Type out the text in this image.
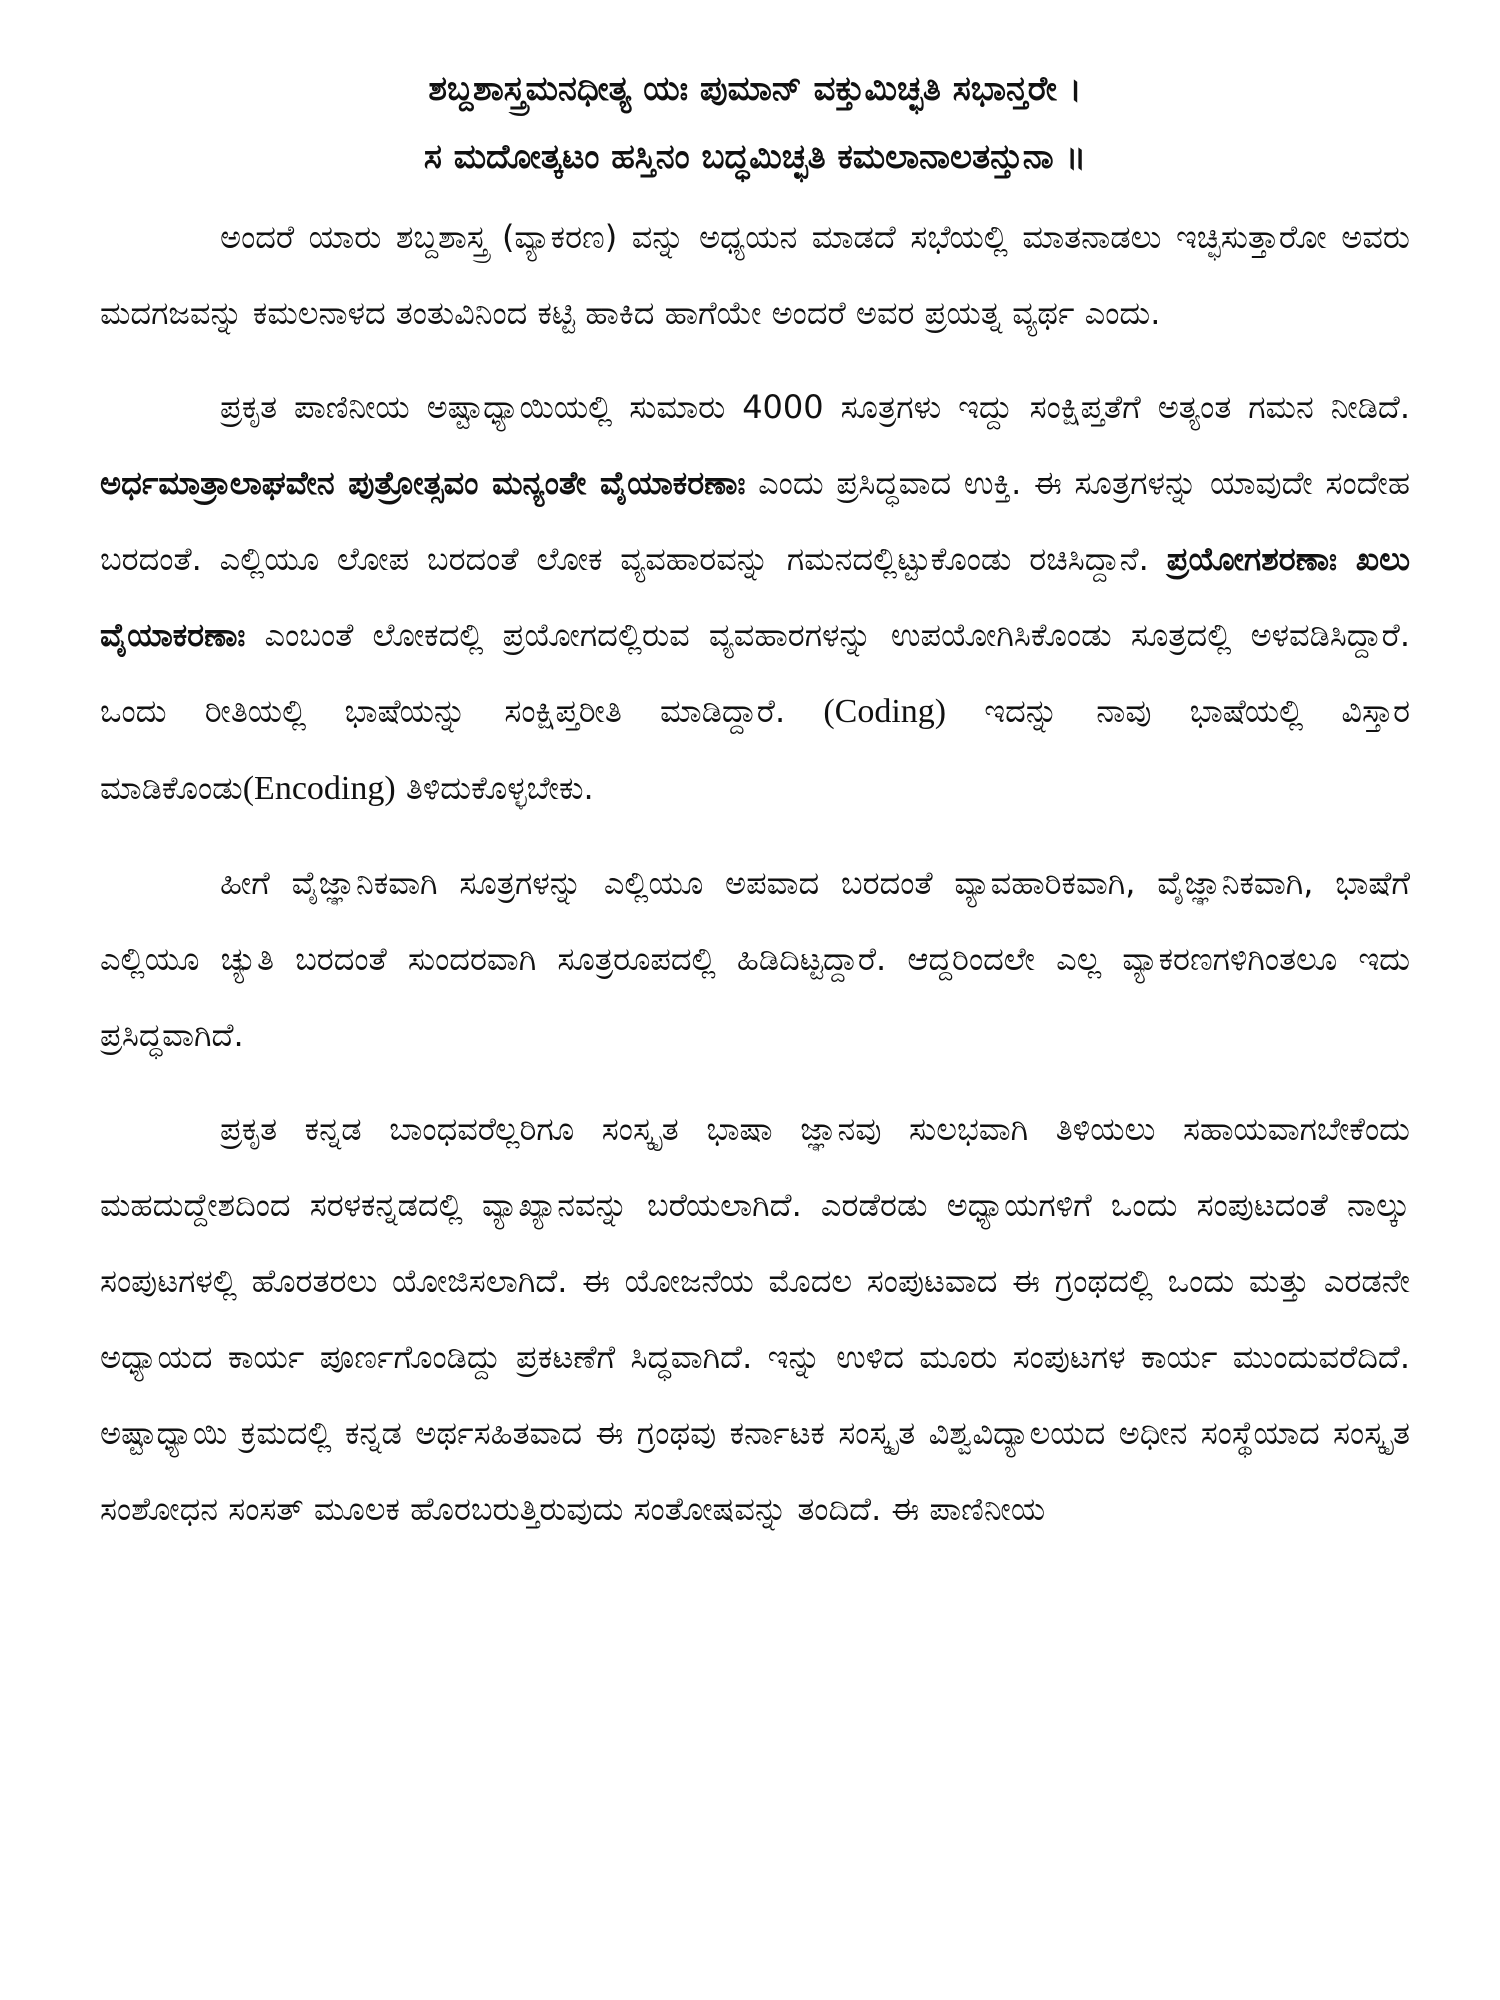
ಶಬ್ದಶಾಸ್ತ್ರಮನಧೀತ್ಯ ಯಃ ಪುಮಾನ್ ವಕ್ತುಮಿಚ್ಛತಿ ಸಭಾನ್ತರೇ ।
ಸ ಮದೋತ್ಕಟಂ ಹಸ್ತಿನಂ ಬದ್ಧಮಿಚ್ಛತಿ ಕಮಲಾನಾಲತನ್ತುನಾ ॥

ಅಂದರೆ ಯಾರು ಶಬ್ದಶಾಸ್ತ್ರ (ವ್ಯಾಕರಣ) ವನ್ನು ಅಧ್ಯಯನ ಮಾಡದೆ ಸಭೆಯಲ್ಲಿ ಮಾತನಾಡಲು ಇಚ್ಛಿಸುತ್ತಾರೋ ಅವರು ಮದಗಜವನ್ನು ಕಮಲನಾಳದ ತಂತುವಿನಿಂದ ಕಟ್ಟಿ ಹಾಕಿದ ಹಾಗೆಯೇ ಅಂದರೆ ಅವರ ಪ್ರಯತ್ನ ವ್ಯರ್ಥ ಎಂದು.

ಪ್ರಕೃತ ಪಾಣಿನೀಯ ಅಷ್ಟಾಧ್ಯಾಯಿಯಲ್ಲಿ ಸುಮಾರು 4000 ಸೂತ್ರಗಳು ಇದ್ದು ಸಂಕ್ಷಿಪ್ತತೆಗೆ ಅತ್ಯಂತ ಗಮನ ನೀಡಿದೆ. ಅರ್ಧಮಾತ್ರಾಲಾಘವೇನ ಪುತ್ರೋತ್ಸವಂ ಮನ್ಯಂತೇ ವೈಯಾಕರಣಾಃ ಎಂದು ಪ್ರಸಿದ್ಧವಾದ ಉಕ್ತಿ. ಈ ಸೂತ್ರಗಳನ್ನು ಯಾವುದೇ ಸಂದೇಹ ಬರದಂತೆ. ಎಲ್ಲಿಯೂ ಲೋಪ ಬರದಂತೆ ಲೋಕ ವ್ಯವಹಾರವನ್ನು ಗಮನದಲ್ಲಿಟ್ಟುಕೊಂಡು ರಚಿಸಿದ್ದಾನೆ. ಪ್ರಯೋಗಶರಣಾಃ ಖಲು ವೈಯಾಕರಣಾಃ ಎಂಬಂತೆ ಲೋಕದಲ್ಲಿ ಪ್ರಯೋಗದಲ್ಲಿರುವ ವ್ಯವಹಾರಗಳನ್ನು ಉಪಯೋಗಿಸಿಕೊಂಡು ಸೂತ್ರದಲ್ಲಿ ಅಳವಡಿಸಿದ್ದಾರೆ. ಒಂದು ರೀತಿಯಲ್ಲಿ ಭಾಷೆಯನ್ನು ಸಂಕ್ಷಿಪ್ತರೀತಿ ಮಾಡಿದ್ದಾರೆ. (Coding) ಇದನ್ನು ನಾವು ಭಾಷೆಯಲ್ಲಿ ವಿಸ್ತಾರ ಮಾಡಿಕೊಂಡು(Encoding) ತಿಳಿದುಕೊಳ್ಳಬೇಕು.

ಹೀಗೆ ವೈಜ್ಞಾನಿಕವಾಗಿ ಸೂತ್ರಗಳನ್ನು ಎಲ್ಲಿಯೂ ಅಪವಾದ ಬರದಂತೆ ವ್ಯಾವಹಾರಿಕವಾಗಿ, ವೈಜ್ಞಾನಿಕವಾಗಿ, ಭಾಷೆಗೆ ಎಲ್ಲಿಯೂ ಚ್ಯುತಿ ಬರದಂತೆ ಸುಂದರವಾಗಿ ಸೂತ್ರರೂಪದಲ್ಲಿ ಹಿಡಿದಿಟ್ಟದ್ದಾರೆ. ಆದ್ದರಿಂದಲೇ ಎಲ್ಲ ವ್ಯಾಕರಣಗಳಿಗಿಂತಲೂ ಇದು ಪ್ರಸಿದ್ಧವಾಗಿದೆ.

ಪ್ರಕೃತ ಕನ್ನಡ ಬಾಂಧವರೆಲ್ಲರಿಗೂ ಸಂಸ್ಕೃತ ಭಾಷಾ ಜ್ಞಾನವು ಸುಲಭವಾಗಿ ತಿಳಿಯಲು ಸಹಾಯವಾಗಬೇಕೆಂದು ಮಹದುದ್ದೇಶದಿಂದ ಸರಳಕನ್ನಡದಲ್ಲಿ ವ್ಯಾಖ್ಯಾನವನ್ನು ಬರೆಯಲಾಗಿದೆ. ಎರಡೆರಡು ಅಧ್ಯಾಯಗಳಿಗೆ ಒಂದು ಸಂಪುಟದಂತೆ ನಾಲ್ಕು ಸಂಪುಟಗಳಲ್ಲಿ ಹೊರತರಲು ಯೋಜಿಸಲಾಗಿದೆ. ಈ ಯೋಜನೆಯ ಮೊದಲ ಸಂಪುಟವಾದ ಈ ಗ್ರಂಥದಲ್ಲಿ ಒಂದು ಮತ್ತು ಎರಡನೇ ಅಧ್ಯಾಯದ ಕಾರ್ಯ ಪೂರ್ಣಗೊಂಡಿದ್ದು ಪ್ರಕಟಣೆಗೆ ಸಿದ್ಧವಾಗಿದೆ. ಇನ್ನು ಉಳಿದ ಮೂರು ಸಂಪುಟಗಳ ಕಾರ್ಯ ಮುಂದುವರೆದಿದೆ. ಅಷ್ಟಾಧ್ಯಾಯಿ ಕ್ರಮದಲ್ಲಿ ಕನ್ನಡ ಅರ್ಥಸಹಿತವಾದ ಈ ಗ್ರಂಥವು ಕರ್ನಾಟಕ ಸಂಸ್ಕೃತ ವಿಶ್ವವಿದ್ಯಾಲಯದ ಅಧೀನ ಸಂಸ್ಥೆಯಾದ ಸಂಸ್ಕೃತ ಸಂಶೋಧನ ಸಂಸತ್ ಮೂಲಕ ಹೊರಬರುತ್ತಿರುವುದು ಸಂತೋಷವನ್ನು ತಂದಿದೆ. ಈ ಪಾಣಿನೀಯ
